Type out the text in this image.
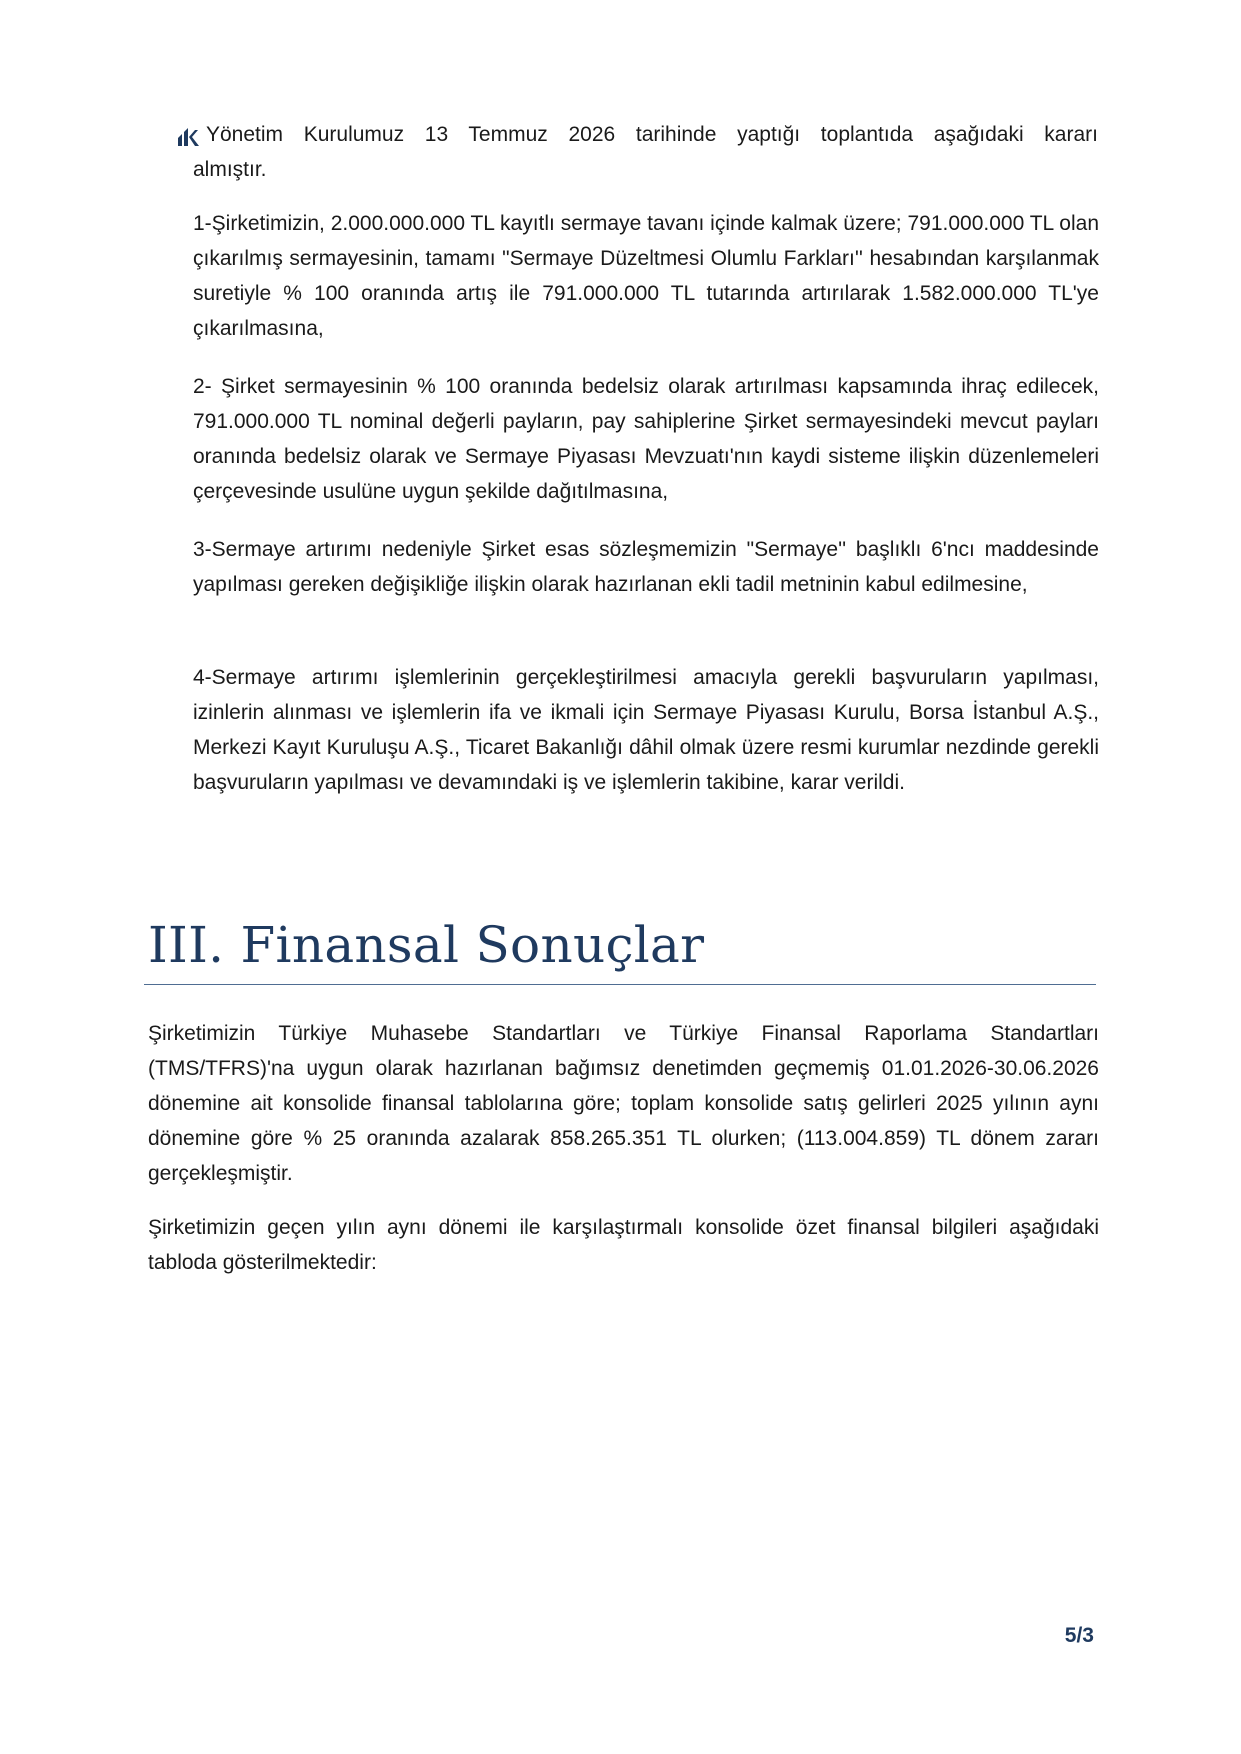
Yönetim Kurulumuz 13 Temmuz 2026 tarihinde yaptığı toplantıda aşağıdaki kararı
almıştır.

1-Şirketimizin, 2.000.000.000 TL kayıtlı sermaye tavanı içinde kalmak üzere; 791.000.000 TL olan çıkarılmış sermayesinin, tamamı "Sermaye Düzeltmesi Olumlu Farkları'' hesabından karşılanmak suretiyle % 100 oranında artış ile 791.000.000 TL tutarında artırılarak 1.582.000.000 TL'ye çıkarılmasına,

2- Şirket sermayesinin % 100 oranında bedelsiz olarak artırılması kapsamında ihraç edilecek, 791.000.000 TL nominal değerli payların, pay sahiplerine Şirket sermayesindeki mevcut payları oranında bedelsiz olarak ve Sermaye Piyasası Mevzuatı'nın kaydi sisteme ilişkin düzenlemeleri çerçevesinde usulüne uygun şekilde dağıtılmasına,

3-Sermaye artırımı nedeniyle Şirket esas sözleşmemizin "Sermaye'' başlıklı 6'ncı maddesinde yapılması gereken değişikliğe ilişkin olarak hazırlanan ekli tadil metninin kabul edilmesine,

4-Sermaye artırımı işlemlerinin gerçekleştirilmesi amacıyla gerekli başvuruların yapılması, izinlerin alınması ve işlemlerin ifa ve ikmali için Sermaye Piyasası Kurulu, Borsa İstanbul A.Ş., Merkezi Kayıt Kuruluşu A.Ş., Ticaret Bakanlığı dâhil olmak üzere resmi kurumlar nezdinde gerekli başvuruların yapılması ve devamındaki iş ve işlemlerin takibine, karar verildi.

III. Finansal Sonuçlar

Şirketimizin Türkiye Muhasebe Standartları ve Türkiye Finansal Raporlama Standartları (TMS/TFRS)'na uygun olarak hazırlanan bağımsız denetimden geçmemiş 01.01.2026-30.06.2026 dönemine ait konsolide finansal tablolarına göre; toplam konsolide satış gelirleri 2025 yılının aynı dönemine göre % 25 oranında azalarak 858.265.351 TL olurken; (113.004.859) TL dönem zararı gerçekleşmiştir.

Şirketimizin geçen yılın aynı dönemi ile karşılaştırmalı konsolide özet finansal bilgileri aşağıdaki tabloda gösterilmektedir:

5/3
